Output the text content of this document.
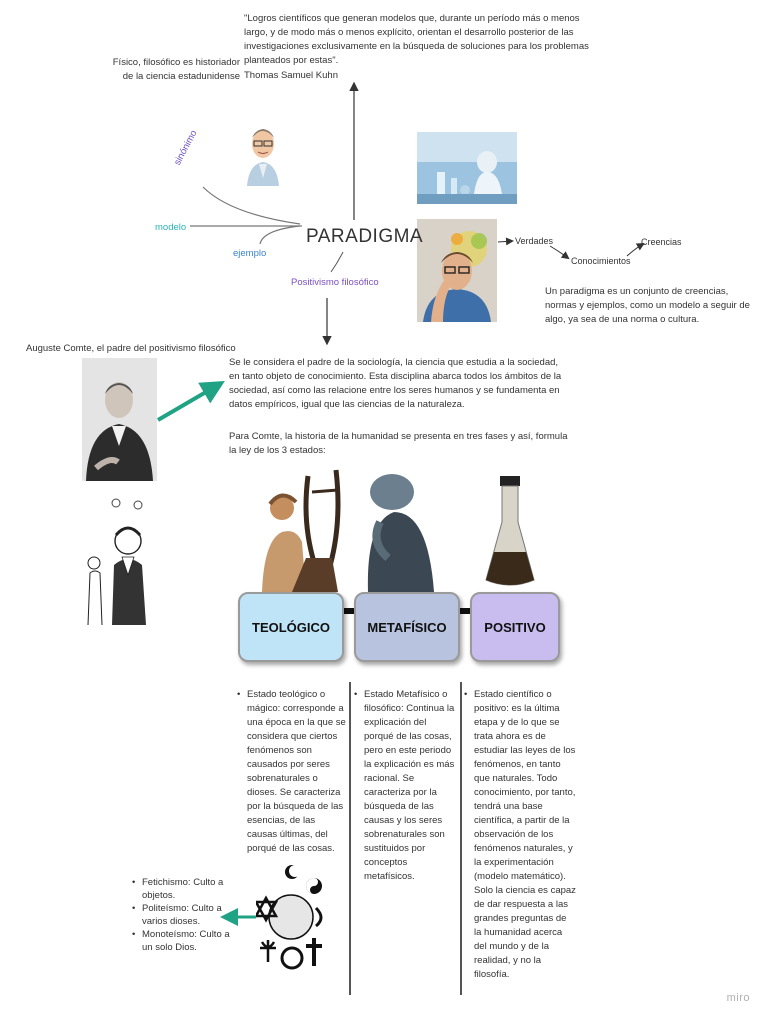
"Logros científicos que generan modelos que, durante un período más o menos largo, y de modo más o menos explícito, orientan el desarrollo posterior de las investigaciones exclusivamente en la búsqueda de soluciones para los problemas planteados por estas".
Físico, filosófico es historiador de la ciencia estadunidense Thomas Samuel Kuhn
PARADIGMA
sinónimo
modelo
ejemplo
Positivismo filosófico
Verdades
Conocimientos
Creencias
Un paradigma es un conjunto de creencias, normas y ejemplos, como un modelo a seguir de algo, ya sea de una norma o cultura.
Auguste Comte, el padre del positivismo filosófico
Se le considera el padre de la sociología, la ciencia que estudia a la sociedad, en tanto objeto de conocimiento. Esta disciplina abarca todos los ámbitos de la sociedad, así como las relacione entre los seres humanos y se fundamenta en datos empíricos, igual que las ciencias de la naturaleza.
Para Comte, la historia de la humanidad se presenta en tres fases y así, formula la ley de los 3 estados:
TEOLÓGICO	METAFÍSICO	POSITIVO
• Estado teológico o mágico: corresponde a una época en la que se considera que ciertos fenómenos son causados por seres sobrenaturales o dioses. Se caracteriza por la búsqueda de las esencias, de las causas últimas, del porqué de las cosas.
• Estado Metafísico o filosófico: Continua la explicación del porqué de las cosas, pero en este periodo la explicación es más racional. Se caracteriza por la búsqueda de las causas y los seres sobrenaturales son sustituidos por conceptos metafísicos.
• Estado científico o positivo: es la última etapa y de lo que se trata ahora es de estudiar las leyes de los fenómenos, en tanto que naturales. Todo conocimiento, por tanto, tendrá una base científica, a partir de la observación de los fenómenos naturales, y la experimentación (modelo matemático). Solo la ciencia es capaz de dar respuesta a las grandes preguntas de la humanidad acerca del mundo y de la realidad, y no la filosofía.
• Fetichismo: Culto a objetos.
• Politeísmo: Culto a varios dioses.
• Monoteísmo: Culto a un solo Dios.
miro
